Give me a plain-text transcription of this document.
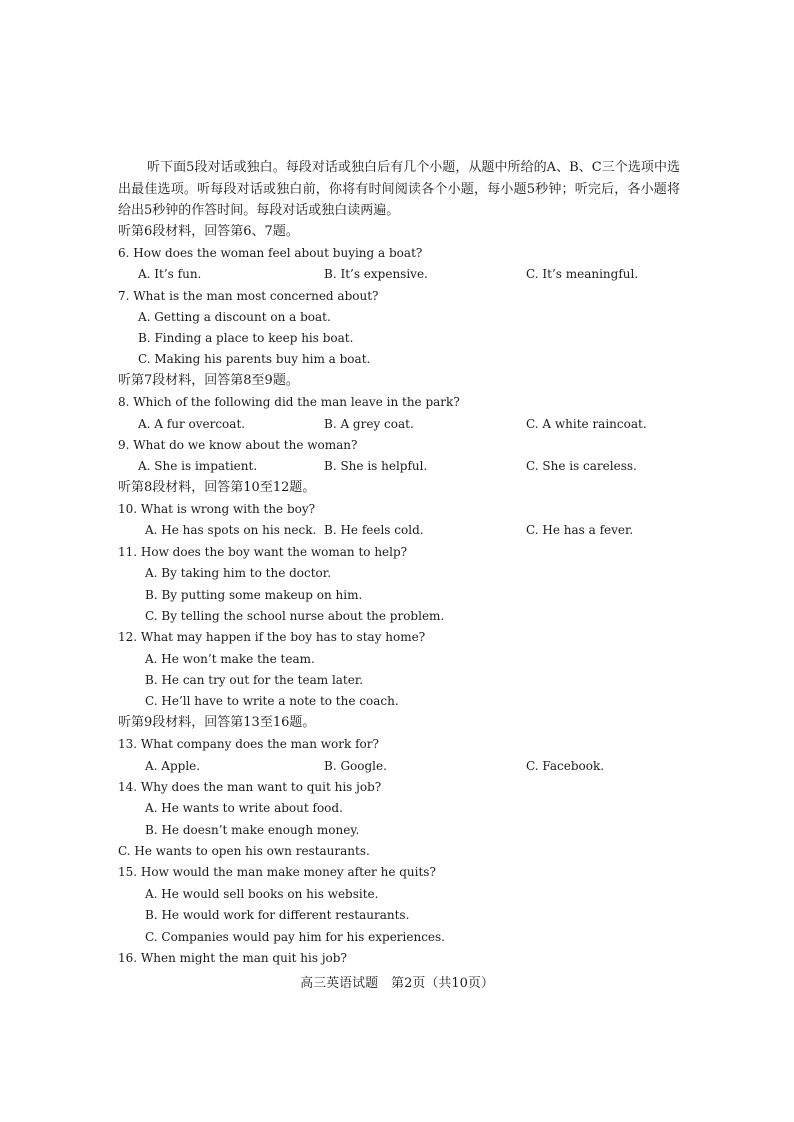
听下面5段对话或独白。每段对话或独白后有几个小题，从题中所给的A、B、C三个选项中选出最佳选项。听每段对话或独白前，你将有时间阅读各个小题，每小题5秒钟；听完后，各小题将给出5秒钟的作答时间。每段对话或独白读两遍。

听第6段材料，回答第6、7题。
6. How does the woman feel about buying a boat?
A. It’s fun.	B. It’s expensive.	C. It’s meaningful.
7. What is the man most concerned about?
A. Getting a discount on a boat.
B. Finding a place to keep his boat.
C. Making his parents buy him a boat.
听第7段材料，回答第8至9题。
8. Which of the following did the man leave in the park?
A. A fur overcoat.	B. A grey coat.	C. A white raincoat.
9. What do we know about the woman?
A. She is impatient.	B. She is helpful.	C. She is careless.
听第8段材料，回答第10至12题。
10. What is wrong with the boy?
A. He has spots on his neck. B. He feels cold.	C. He has a fever.
11. How does the boy want the woman to help?
A. By taking him to the doctor.
B. By putting some makeup on him.
C. By telling the school nurse about the problem.
12. What may happen if the boy has to stay home?
A. He won’t make the team.
B. He can try out for the team later.
C. He’ll have to write a note to the coach.
听第9段材料，回答第13至16题。
13. What company does the man work for?
A. Apple.	B. Google.	C. Facebook.
14. Why does the man want to quit his job?
A. He wants to write about food.
B. He doesn’t make enough money.
C. He wants to open his own restaurants.
15. How would the man make money after he quits?
A. He would sell books on his website.
B. He would work for different restaurants.
C. Companies would pay him for his experiences.
16. When might the man quit his job?
高三英语试题　第2页（共10页）
